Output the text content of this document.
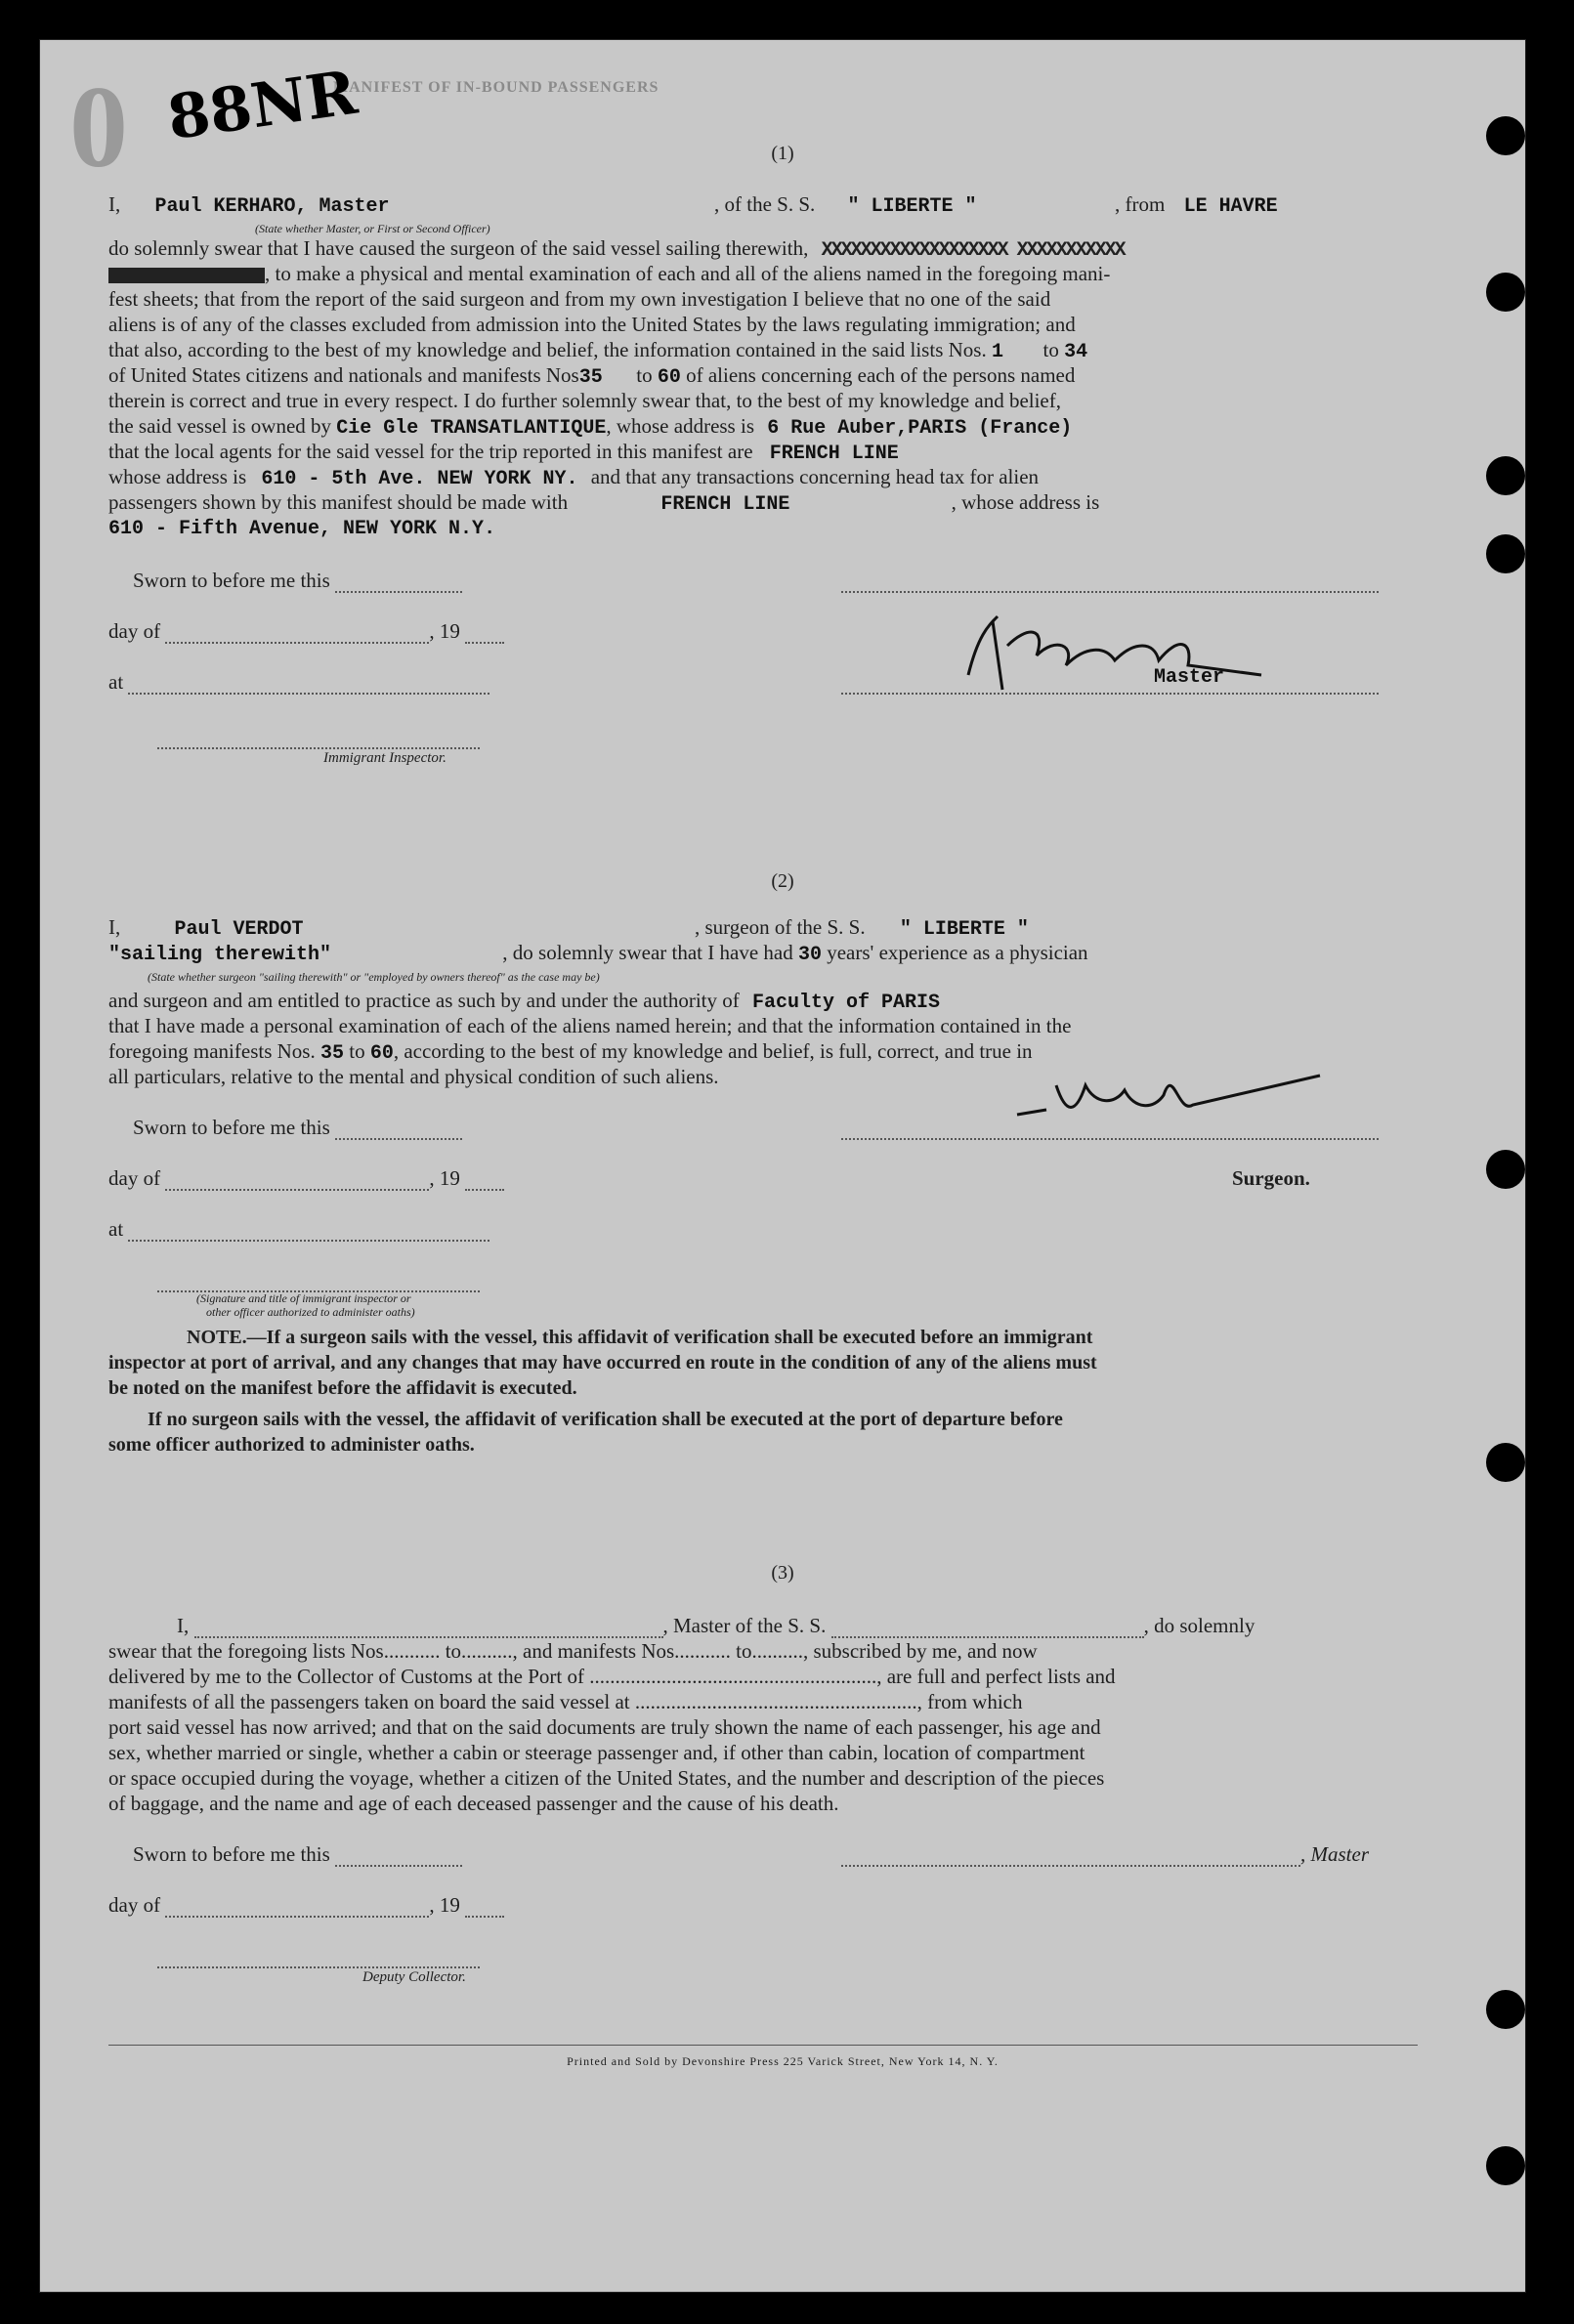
MANIFEST OF IN-BOUND PASSENGERS
88NR
0	(1)
I, Paul KERHARO, Master	, of the S. S. " LIBERTE "	, from LE HAVRE
(State whether Master, or First or Second Officer)
do solemnly swear that I have caused the surgeon of the said vessel sailing therewith, XXXXXXXXXXXXXXXXXXX XXXXXXXXXXX
, to make a physical and mental examination of each and all of the aliens named in the foregoing mani-
fest sheets; that from the report of the said surgeon and from my own investigation I believe that no one of the said
aliens is of any of the classes excluded from admission into the United States by the laws regulating immigration; and
that also, according to the best of my knowledge and belief, the information contained in the said lists Nos. 1 to 34
of United States citizens and nationals and manifests Nos35 to 60 of aliens concerning each of the persons named
therein is correct and true in every respect. I do further solemnly swear that, to the best of my knowledge and belief,
the said vessel is owned by Cie Gle TRANSATLANTIQUE, whose address is 6 Rue Auber,PARIS (France)
that the local agents for the said vessel for the trip reported in this manifest are FRENCH LINE
whose address is 610 - 5th Ave. NEW YORK NY. and that any transactions concerning head tax for alien
passengers shown by this manifest should be made with	FRENCH LINE	, whose address is
610 - Fifth Avenue, NEW YORK N.Y.
Sworn to before me this
day of	, 19
at	Master
Immigrant Inspector.
(2)
I,	Paul VERDOT	, surgeon of the S. S. " LIBERTE "
"sailing therewith"	, do solemnly swear that I have had 30 years' experience as a physician
(State whether surgeon "sailing therewith" or "employed by owners thereof" as the case may be)
and surgeon and am entitled to practice as such by and under the authority of Faculty of PARIS
that I have made a personal examination of each of the aliens named herein; and that the information contained in the
foregoing manifests Nos. 35 to 60, according to the best of my knowledge and belief, is full, correct, and true in
all particulars, relative to the mental and physical condition of such aliens.
Sworn to before me this
day of	, 19	Surgeon.
at
(Signature and title of immigrant inspector or
other officer authorized to administer oaths)
NOTE.—If a surgeon sails with the vessel, this affidavit of verification shall be executed before an immigrant
inspector at port of arrival, and any changes that may have occurred en route in the condition of any of the aliens must
be noted on the manifest before the affidavit is executed.
If no surgeon sails with the vessel, the affidavit of verification shall be executed at the port of departure before
some officer authorized to administer oaths.
(3)
I,	, Master of the S. S.	, do solemnly
swear that the foregoing lists Nos........... to.........., and manifests Nos........... to.........., subscribed by me, and now
delivered by me to the Collector of Customs at the Port of ........................................................, are full and perfect lists and
manifests of all the passengers taken on board the said vessel at ......................................................., from which
port said vessel has now arrived; and that on the said documents are truly shown the name of each passenger, his age and
sex, whether married or single, whether a cabin or steerage passenger and, if other than cabin, location of compartment
or space occupied during the voyage, whether a citizen of the United States, and the number and description of the pieces
of baggage, and the name and age of each deceased passenger and the cause of his death.
Sworn to before me this	, Master
day of	, 19
Deputy Collector.
Printed and Sold by Devonshire Press 225 Varick Street, New York 14, N. Y.
